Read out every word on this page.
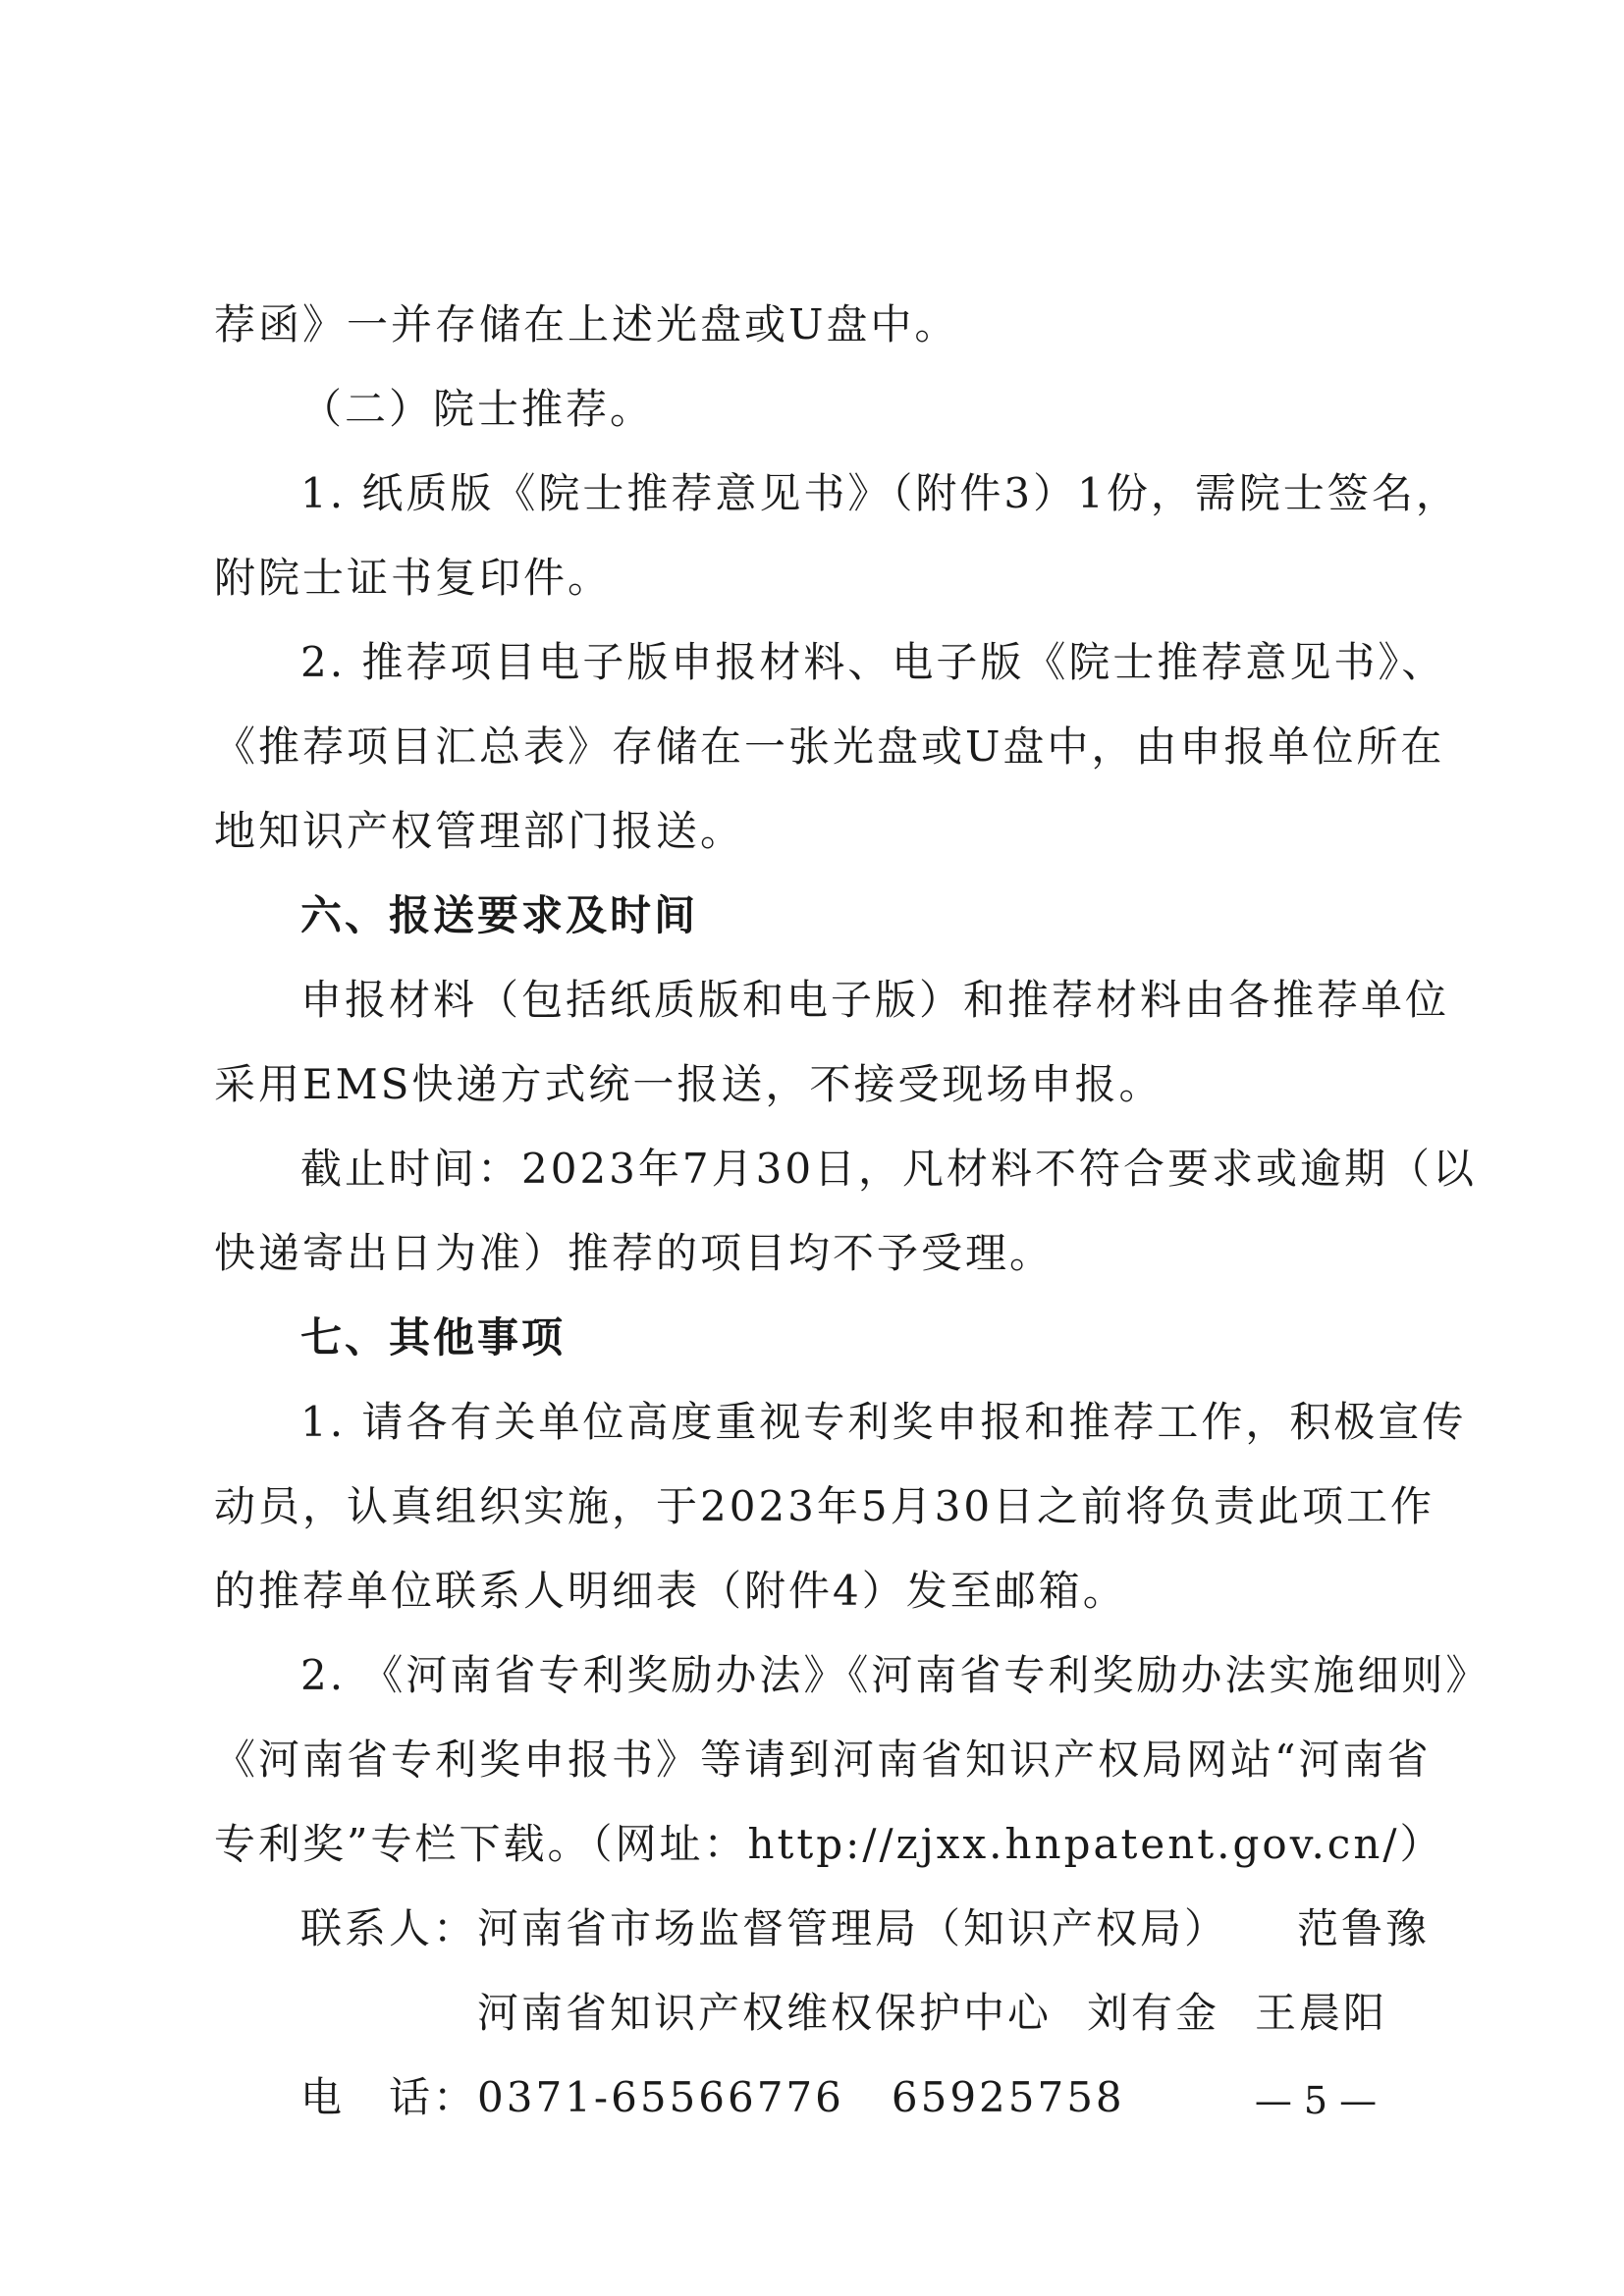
荐函》一并存储在上述光盘或U盘中。
（二）院士推荐。
1. 纸质版《院士推荐意见书》（附件3）1份，需院士签名，
附院士证书复印件。
2. 推荐项目电子版申报材料、电子版《院士推荐意见书》、
《推荐项目汇总表》存储在一张光盘或U盘中，由申报单位所在
地知识产权管理部门报送。
六、报送要求及时间
申报材料（包括纸质版和电子版）和推荐材料由各推荐单位
采用EMS快递方式统一报送，不接受现场申报。
截止时间：2023年7月30日，凡材料不符合要求或逾期（以
快递寄出日为准）推荐的项目均不予受理。
七、其他事项
1. 请各有关单位高度重视专利奖申报和推荐工作，积极宣传
动员，认真组织实施，于2023年5月30日之前将负责此项工作
的推荐单位联系人明细表（附件4）发至邮箱。
2. 《河南省专利奖励办法》《河南省专利奖励办法实施细则》
《河南省专利奖申报书》等请到河南省知识产权局网站“河南省
专利奖”专栏下载。（网址：http://zjxx.hnpatent.gov.cn/）
联系人：河南省市场监督管理局（知识产权局） 范鲁豫
河南省知识产权维权保护中心 刘有金 王晨阳
电　话：0371-65566776 65925758	— 5 —
